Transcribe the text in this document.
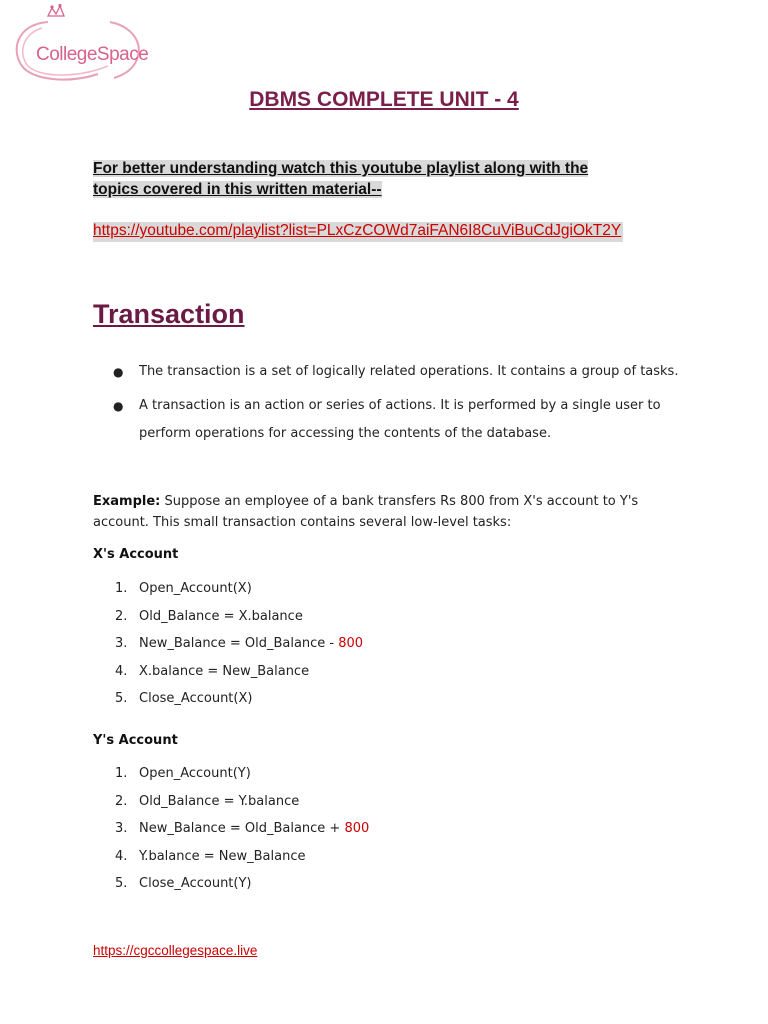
CollegeSpace
DBMS COMPLETE UNIT - 4
For better understanding watch this youtube playlist along with the
topics covered in this written material--
https://youtube.com/playlist?list=PLxCzCOWd7aiFAN6I8CuViBuCdJgiOkT2Y
Transaction
● The transaction is a set of logically related operations. It contains a group of tasks.
● A transaction is an action or series of actions. It is performed by a single user to perform operations for accessing the contents of the database.
Example: Suppose an employee of a bank transfers Rs 800 from X's account to Y's account. This small transaction contains several low-level tasks:
X's Account
1. Open_Account(X)
2. Old_Balance = X.balance
3. New_Balance = Old_Balance - 800
4. X.balance = New_Balance
5. Close_Account(X)
Y's Account
1. Open_Account(Y)
2. Old_Balance = Y.balance
3. New_Balance = Old_Balance + 800
4. Y.balance = New_Balance
5. Close_Account(Y)
https://cgccollegespace.live
